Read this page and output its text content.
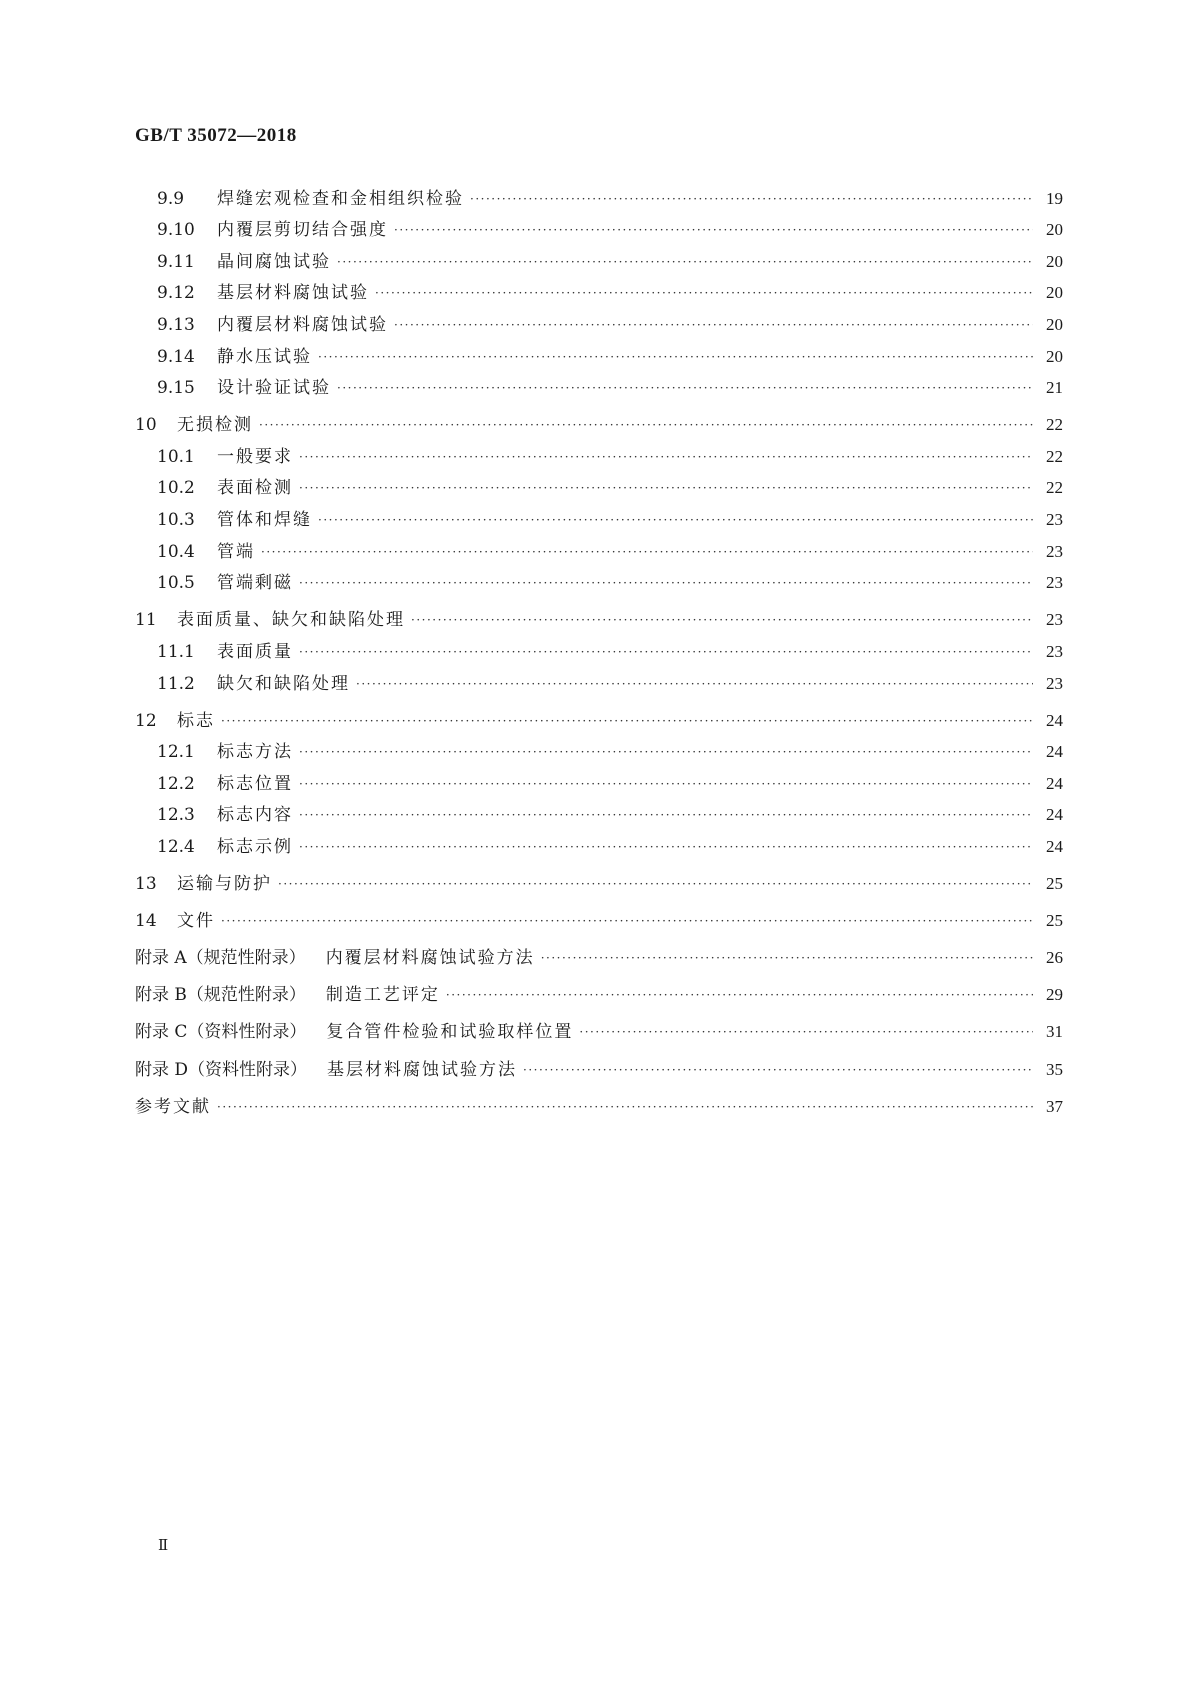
GB/T 35072—2018
9.9	焊缝宏观检查和金相组织检验 ·····	19
9.10	内覆层剪切结合强度 ·····	20
9.11	晶间腐蚀试验 ·····	20
9.12	基层材料腐蚀试验 ·····	20
9.13	内覆层材料腐蚀试验 ·····	20
9.14	静水压试验 ·····	20
9.15	设计验证试验 ·····	21
10	无损检测 ·····	22
10.1	一般要求 ·····	22
10.2	表面检测 ·····	22
10.3	管体和焊缝 ·····	23
10.4	管端 ·····	23
10.5	管端剩磁 ·····	23
11	表面质量、缺欠和缺陷处理 ·····	23
11.1	表面质量 ·····	23
11.2	缺欠和缺陷处理 ·····	23
12	标志 ·····	24
12.1	标志方法 ·····	24
12.2	标志位置 ·····	24
12.3	标志内容 ·····	24
12.4	标志示例 ·····	24
13	运输与防护 ·····	25
14	文件 ·····	25
附录 A（规范性附录） 内覆层材料腐蚀试验方法 ·····	26
附录 B（规范性附录） 制造工艺评定 ·····	29
附录 C（资料性附录） 复合管件检验和试验取样位置 ·····	31
附录 D（资料性附录） 基层材料腐蚀试验方法 ·····	35
参考文献 ·····	37
Ⅱ
